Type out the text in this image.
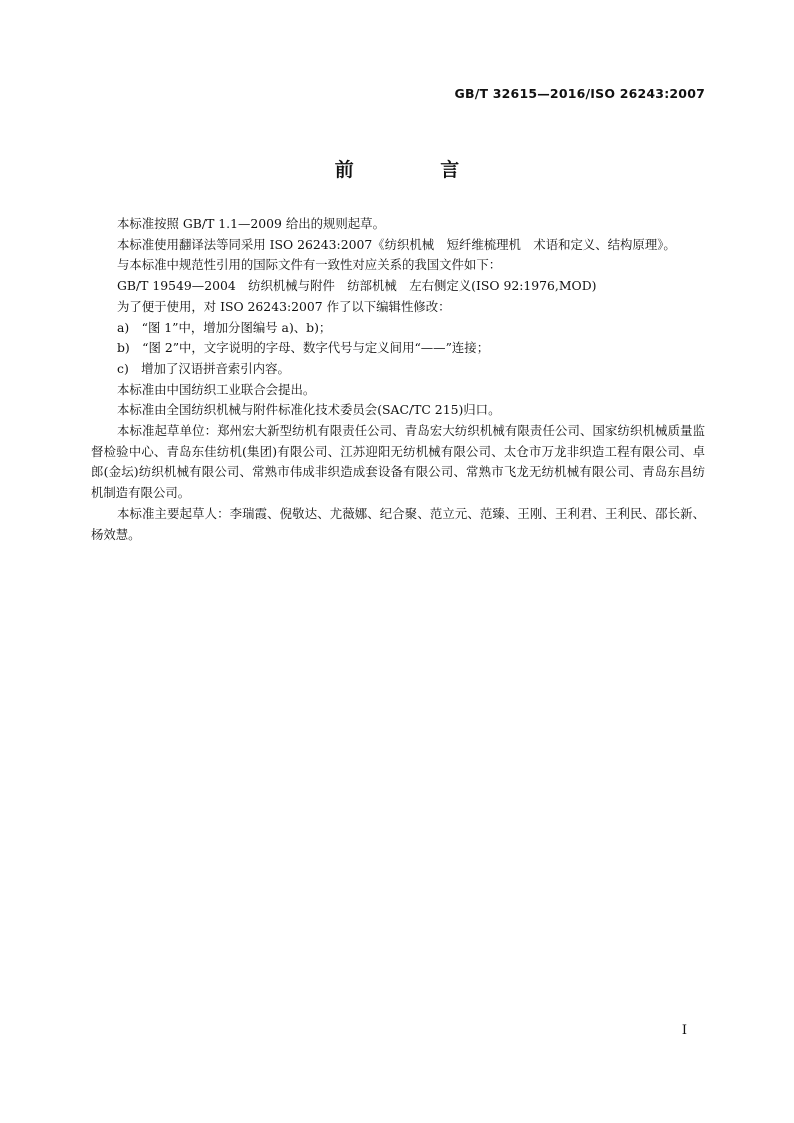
GB/T 32615—2016/ISO 26243:2007
前 言

本标准按照 GB/T 1.1—2009 给出的规则起草。

本标准使用翻译法等同采用 ISO 26243:2007《纺织机械　短纤维梳理机　术语和定义、结构原理》。

与本标准中规范性引用的国际文件有一致性对应关系的我国文件如下：

GB/T 19549—2004　纺织机械与附件　纺部机械　左右侧定义(ISO 92:1976,MOD)

为了便于使用，对 ISO 26243:2007 作了以下编辑性修改：

a)　“图 1”中，增加分图编号 a)、b)；

b)　“图 2”中，文字说明的字母、数字代号与定义间用“——”连接；

c)　增加了汉语拼音索引内容。

本标准由中国纺织工业联合会提出。

本标准由全国纺织机械与附件标准化技术委员会(SAC/TC 215)归口。

本标准起草单位：郑州宏大新型纺机有限责任公司、青岛宏大纺织机械有限责任公司、国家纺织机械质量监督检验中心、青岛东佳纺机(集团)有限公司、江苏迎阳无纺机械有限公司、太仓市万龙非织造工程有限公司、卓郎(金坛)纺织机械有限公司、常熟市伟成非织造成套设备有限公司、常熟市飞龙无纺机械有限公司、青岛东昌纺机制造有限公司。

本标准主要起草人：李瑞霞、倪敬达、尤薇娜、纪合聚、范立元、范臻、王刚、王利君、王利民、邵长新、杨效慧。

I
